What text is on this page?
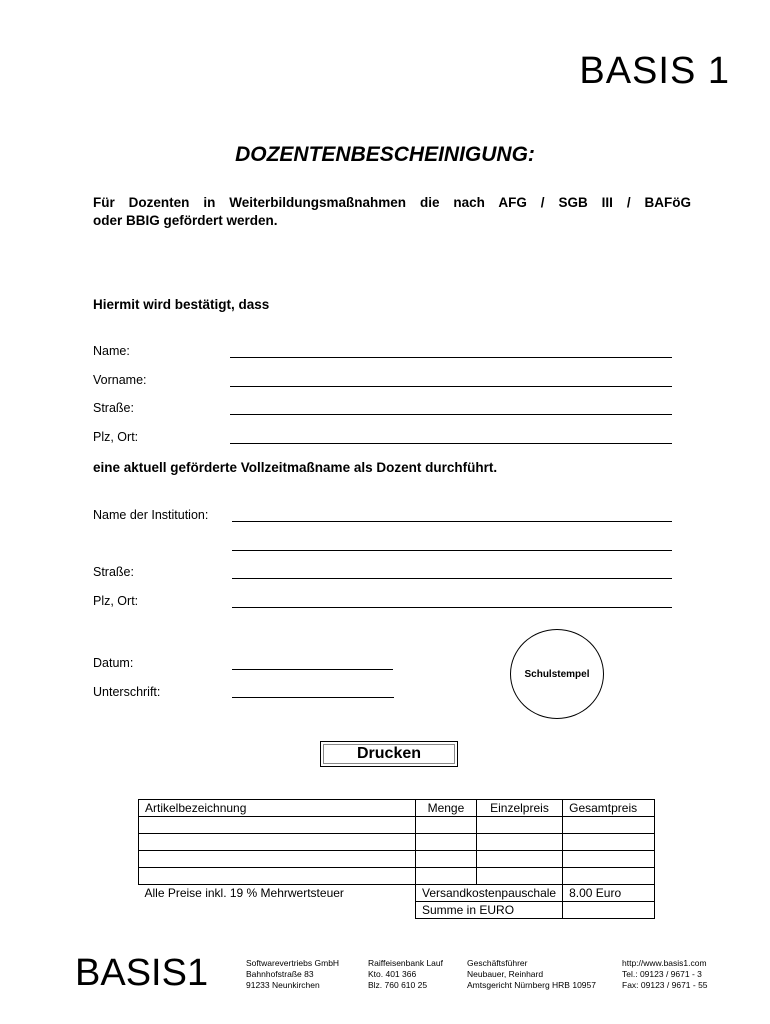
BASIS 1
DOZENTENBESCHEINIGUNG:
Für Dozenten in Weiterbildungsmaßnahmen die nach AFG / SGB III / BAFöG
oder BBIG gefördert werden.
Hiermit wird bestätigt, dass
Name:
Vorname:
Straße:
Plz, Ort:
eine aktuell geförderte Vollzeitmaßname als Dozent durchführt.
Name der Institution:
Straße:
Plz, Ort:
Datum:
Unterschrift:
Schulstempel
Drucken
Artikelbezeichnung	Menge	Einzelpreis	Gesamtpreis

Alle Preise inkl. 19 % Mehrwertsteuer	Versandkostenpauschale		8.00 Euro
	Summe in EURO		
BASIS1	Softwarevertriebs GmbH
Bahnhofstraße 83
91233 Neunkirchen
Raiffeisenbank Lauf
Kto. 401 366
Blz. 760 610 25
Geschäftsführer
Neubauer, Reinhard
Amtsgericht Nürnberg HRB 10957
http://www.basis1.com
Tel.: 09123 / 9671 - 3
Fax: 09123 / 9671 - 55
